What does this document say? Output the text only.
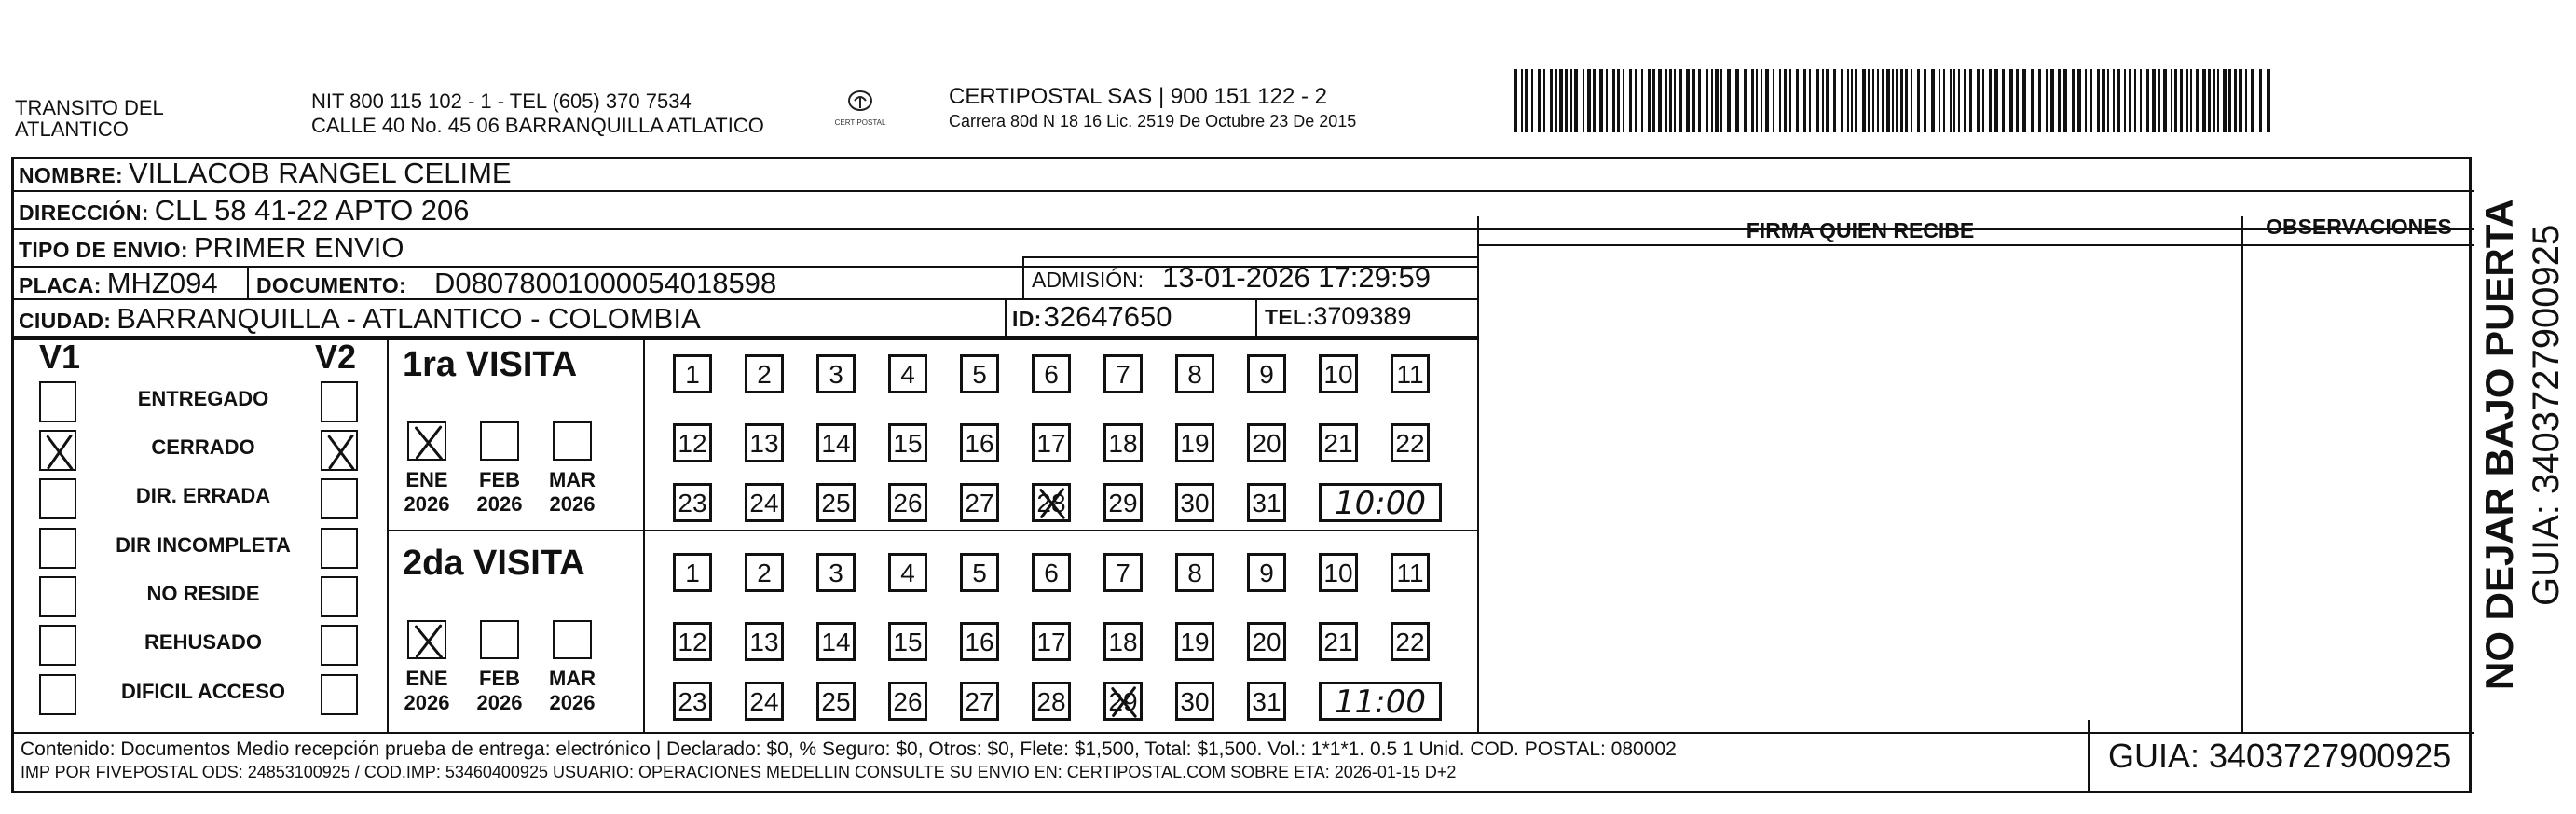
TRANSITO DEL
ATLANTICO
NIT 800 115 102 - 1 - TEL (605) 370 7534
CALLE 40 No. 45 06 BARRANQUILLA ATLATICO	CERTIPOSTAL
CERTIPOSTAL SAS | 900 151 122 - 2
Carrera 80d N 18 16 Lic. 2519 De Octubre 23 De 2015
NOMBRE: VILLACOB RANGEL CELIME
DIRECCIÓN: CLL 58 41-22 APTO 206
TIPO DE ENVIO: PRIMER ENVIO
PLACA: MHZ094 DOCUMENTO: D08078001000054018598	ADMISIÓN: 13-01-2026 17:29:59
CIUDAD: BARRANQUILLA - ATLANTICO - COLOMBIA	ID: 32647650	TEL: 3709389
FIRMA QUIEN RECIBE	OBSERVACIONES
V1	V2
ENTREGADO
CERRADO
DIR. ERRADA
DIR INCOMPLETA
NO RESIDE
REHUSADO
DIFICIL ACCESO
1ra VISITA
ENE
2026
FEB
2026
MAR
2026
1	2	3	4	5	6	7	8	9	10 11
12 13 14 15 16 17 18 19 20 21 22
23 24 25 26 27 28 29 30 31	10:00
2da VISITA
ENE
2026
FEB
2026
MAR
2026
1	2	3	4	5	6	7	8	9	10 11
12 13 14 15 16 17 18 19 20 21 22
23 24 25 26 27 28 29 30 31	11:00
Contenido: Documentos Medio recepción prueba de entrega: electrónico | Declarado: $0, % Seguro: $0, Otros: $0, Flete: $1,500, Total: $1,500. Vol.: 1*1*1. 0.5 1 Unid. COD. POSTAL: 080002
IMP POR FIVEPOSTAL ODS: 24853100925 / COD.IMP: 53460400925 USUARIO: OPERACIONES MEDELLIN CONSULTE SU ENVIO EN: CERTIPOSTAL.COM SOBRE ETA: 2026-01-15 D+2	GUIA: 3403727900925
NO DEJAR BAJO PUERTA GUIA: 3403727900925
